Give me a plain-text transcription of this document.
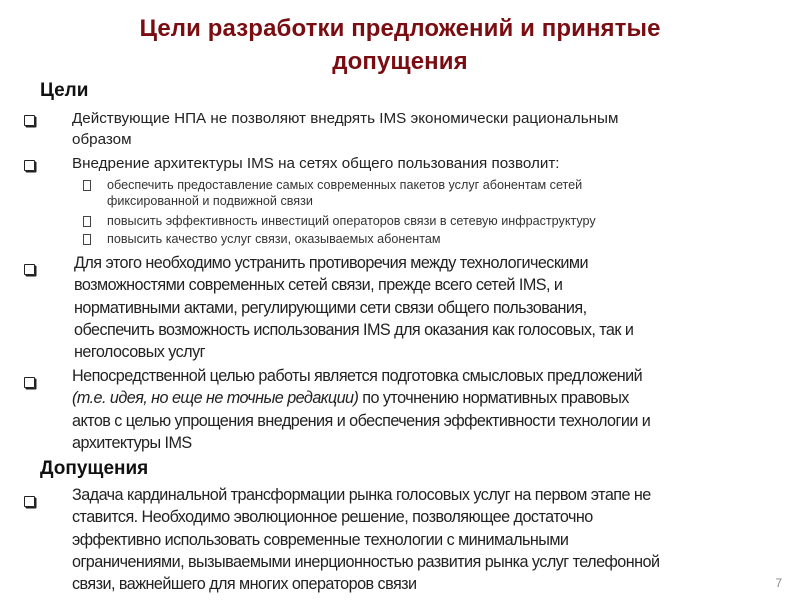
Цели разработки предложений и принятые
допущения
Цели
Действующие НПА не позволяют внедрять IMS экономически рациональным
образом
Внедрение архитектуры IMS на сетях общего пользования позволит:
обеспечить предоставление самых современных пакетов услуг абонентам сетей
фиксированной и подвижной связи
повысить эффективность инвестиций операторов связи в сетевую инфраструктуру
повысить качество услуг связи, оказываемых абонентам
Для этого необходимо устранить противоречия между технологическими
возможностями современных сетей связи, прежде всего сетей IMS, и
нормативными актами, регулирующими сети связи общего пользования,
обеспечить возможность использования IMS для оказания как голосовых, так и
неголосовых услуг
Непосредственной целью работы является подготовка смысловых предложений
(т.е. идея, но еще не точные редакции) по уточнению нормативных правовых
актов с целью упрощения внедрения и обеспечения эффективности технологии и
архитектуры IMS
Допущения
Задача кардинальной трансформации рынка голосовых услуг на первом этапе не
ставится. Необходимо эволюционное решение, позволяющее достаточно
эффективно использовать современные технологии с минимальными
ограничениями, вызываемыми инерционностью развития рынка услуг телефонной
связи, важнейшего для многих операторов связи	7
